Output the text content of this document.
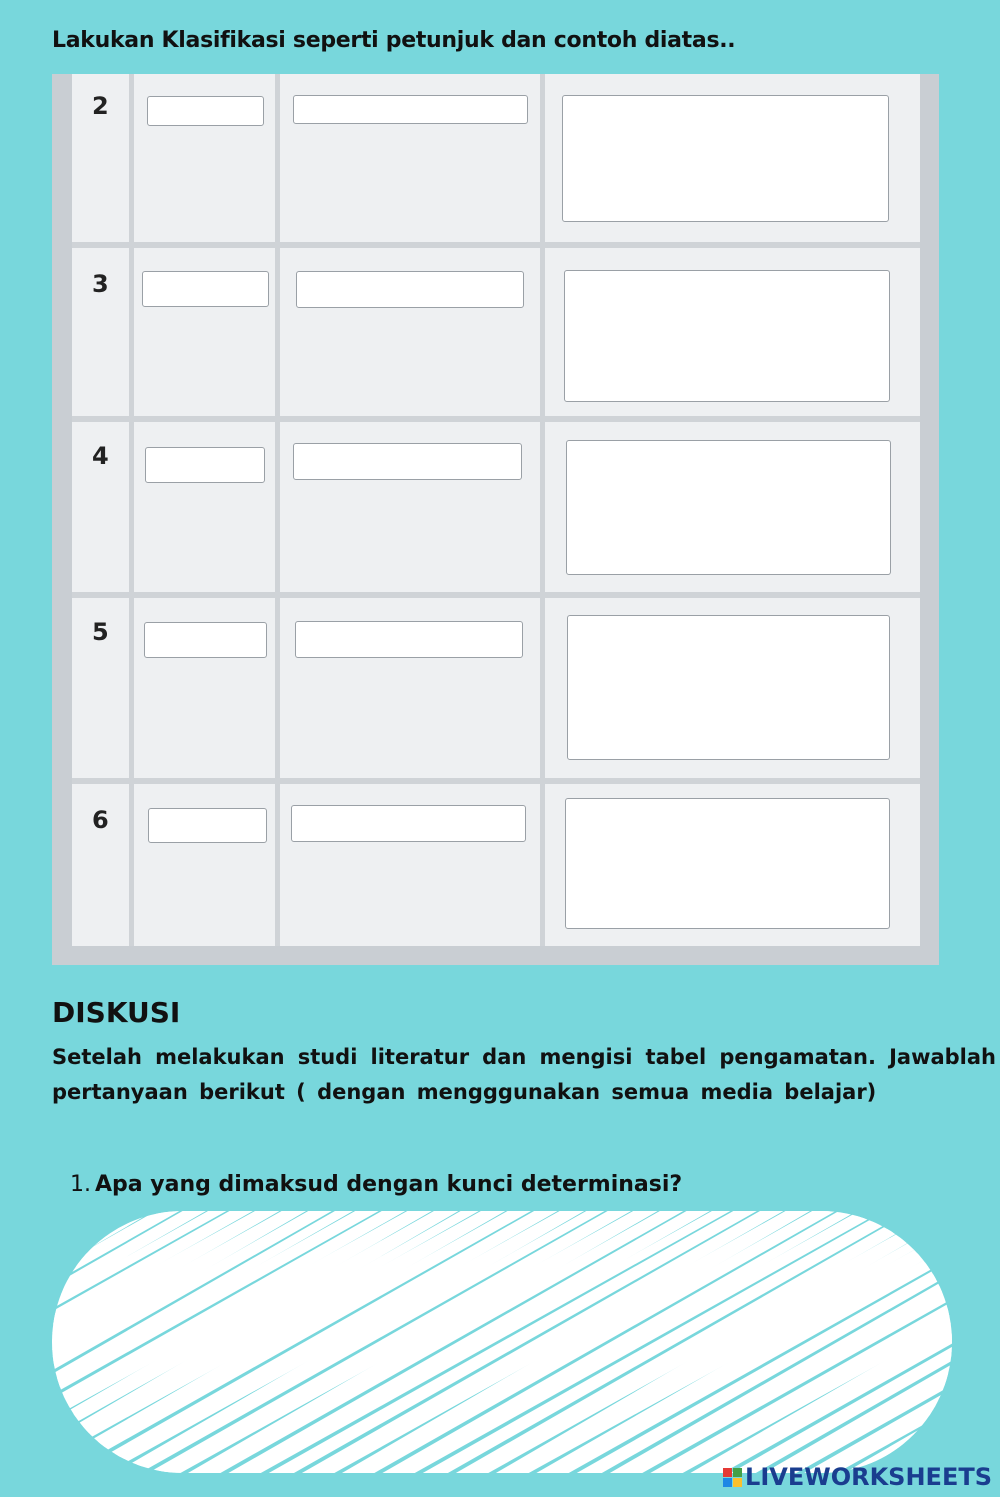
Lakukan Klasifikasi seperti petunjuk dan contoh diatas..

2
3
4
5
6
DISKUSI

Setelah melakukan studi literatur dan mengisi tabel pengamatan. Jawablah pertanyaan berikut ( dengan mengggunakan semua media belajar)

1. Apa yang dimaksud dengan kunci determinasi?

LIVEWORKSHEETS
